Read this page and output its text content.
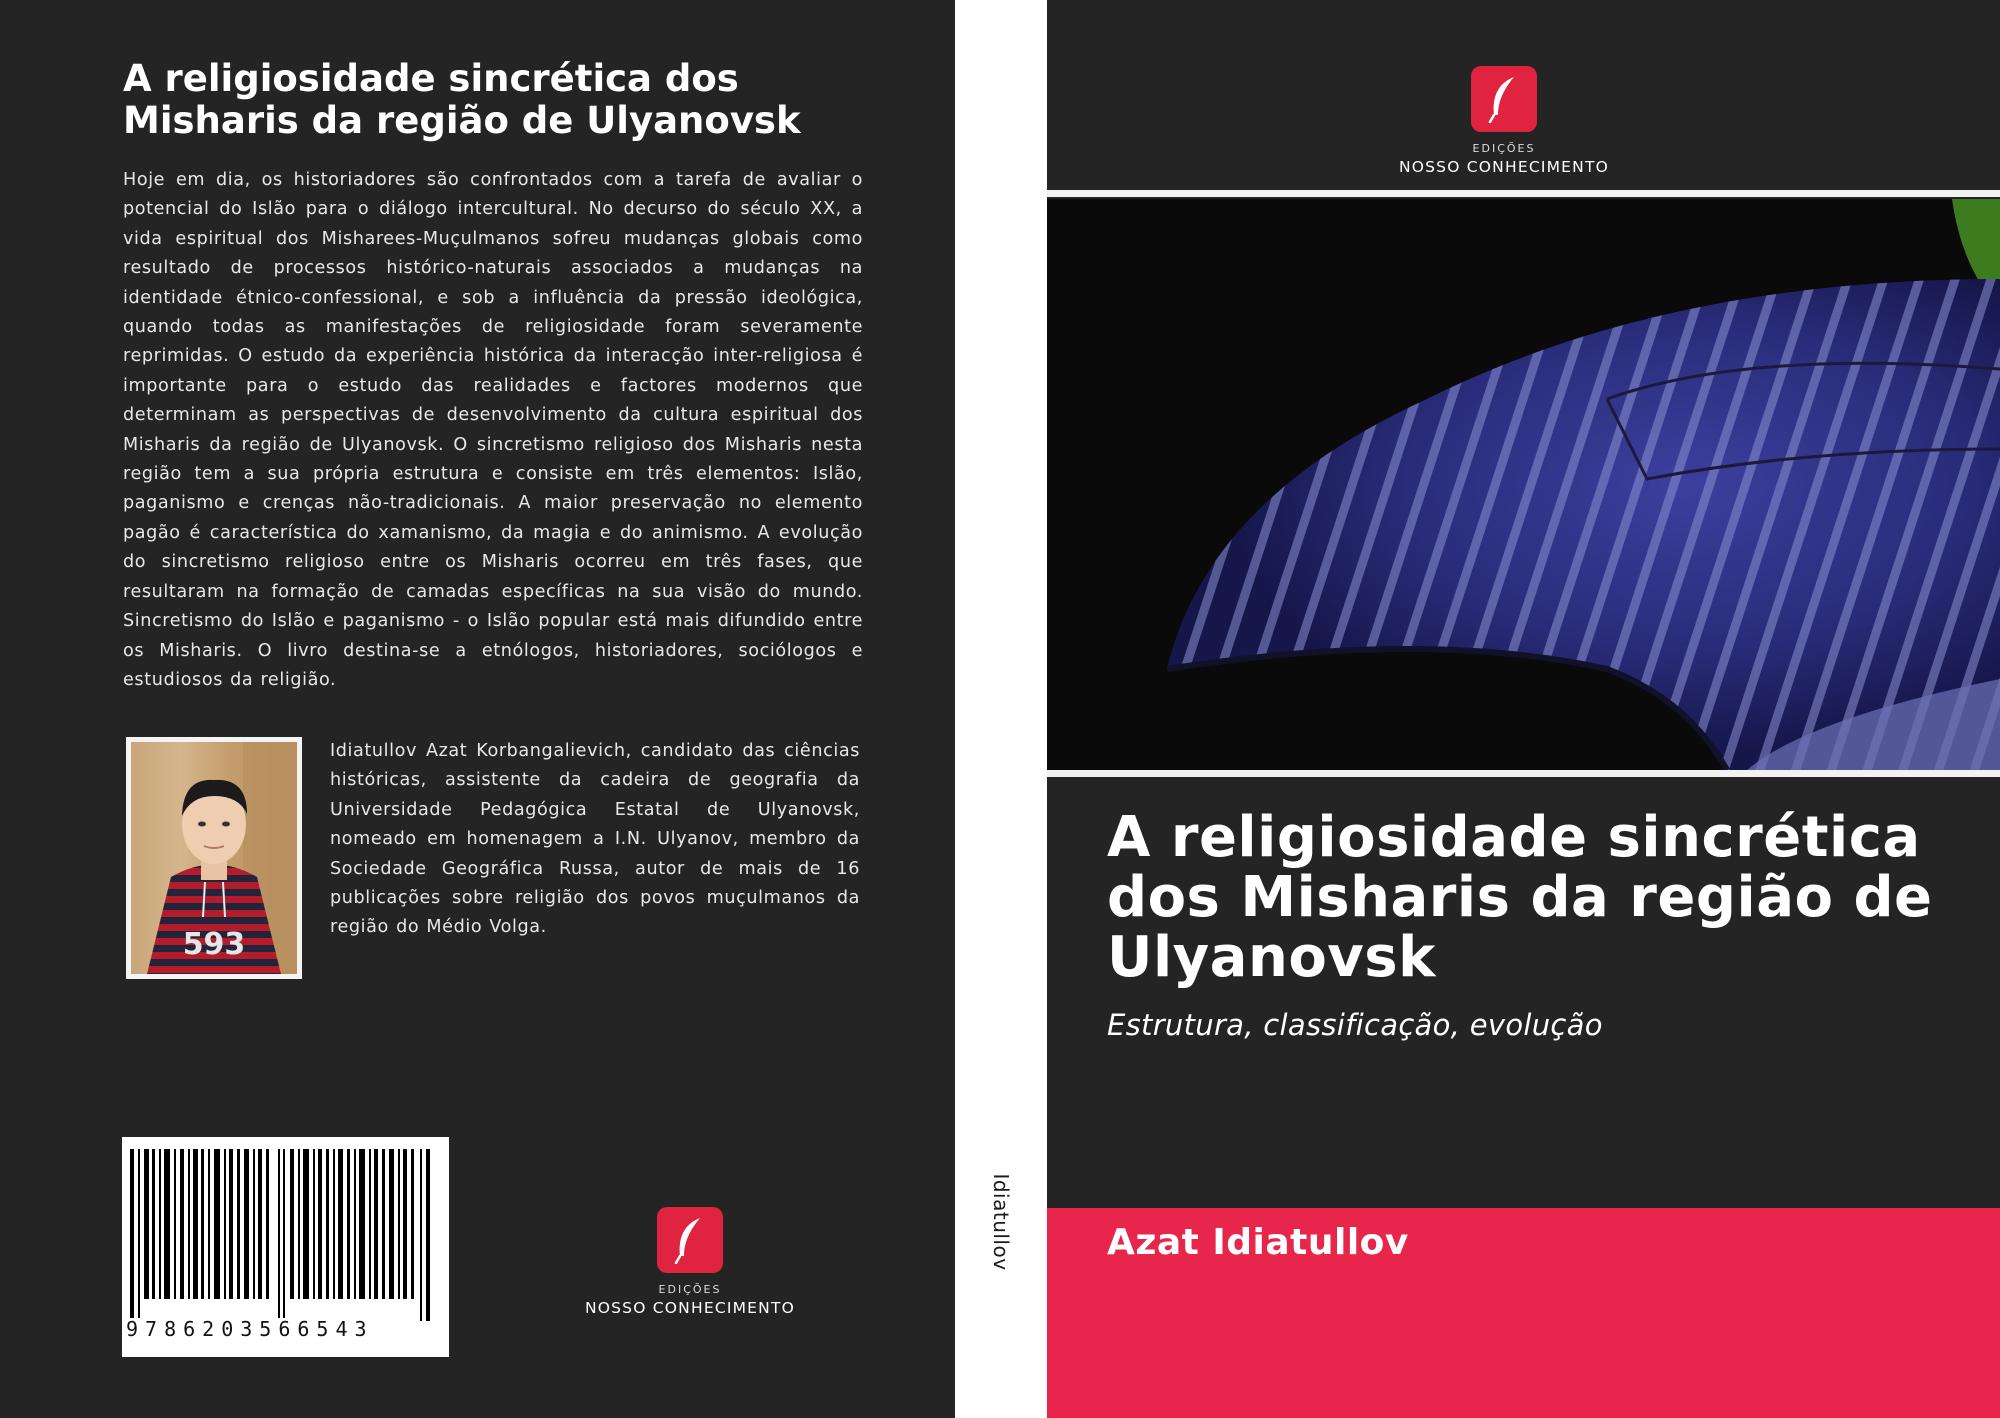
A religiosidade sincrética dos Misharis da região de Ulyanovsk

Hoje em dia, os historiadores são confrontados com a tarefa de avaliar o potencial do Islão para o diálogo intercultural. No decurso do século XX, a vida espiritual dos Misharees-Muçulmanos sofreu mudanças globais como resultado de processos histórico-naturais associados a mudanças na identidade étnico-confessional, e sob a influência da pressão ideológica, quando todas as manifestações de religiosidade foram severamente reprimidas. O estudo da experiência histórica da interacção inter-religiosa é importante para o estudo das realidades e factores modernos que determinam as perspectivas de desenvolvimento da cultura espiritual dos Misharis da região de Ulyanovsk. O sincretismo religioso dos Misharis nesta região tem a sua própria estrutura e consiste em três elementos: Islão, paganismo e crenças não-tradicionais. A maior preservação no elemento pagão é característica do xamanismo, da magia e do animismo. A evolução do sincretismo religioso entre os Misharis ocorreu em três fases, que resultaram na formação de camadas específicas na sua visão do mundo. Sincretismo do Islão e paganismo - o Islão popular está mais difundido entre os Misharis. O livro destina-se a etnólogos, historiadores, sociólogos e estudiosos da religião.

593

Idiatullov Azat Korbangalievich, candidato das ciências históricas, assistente da cadeira de geografia da Universidade Pedagógica Estatal de Ulyanovsk, nomeado em homenagem a I.N. Ulyanov, membro da Sociedade Geográfica Russa, autor de mais de 16 publicações sobre religião dos povos muçulmanos da região do Médio Volga.

9786203566543
EDIÇÕES
NOSSO CONHECIMENTO
Idiatullov
EDIÇÕES
NOSSO CONHECIMENTO
A religiosidade sincrética dos Misharis da região de Ulyanovsk
Estrutura, classificação, evolução
Azat Idiatullov
